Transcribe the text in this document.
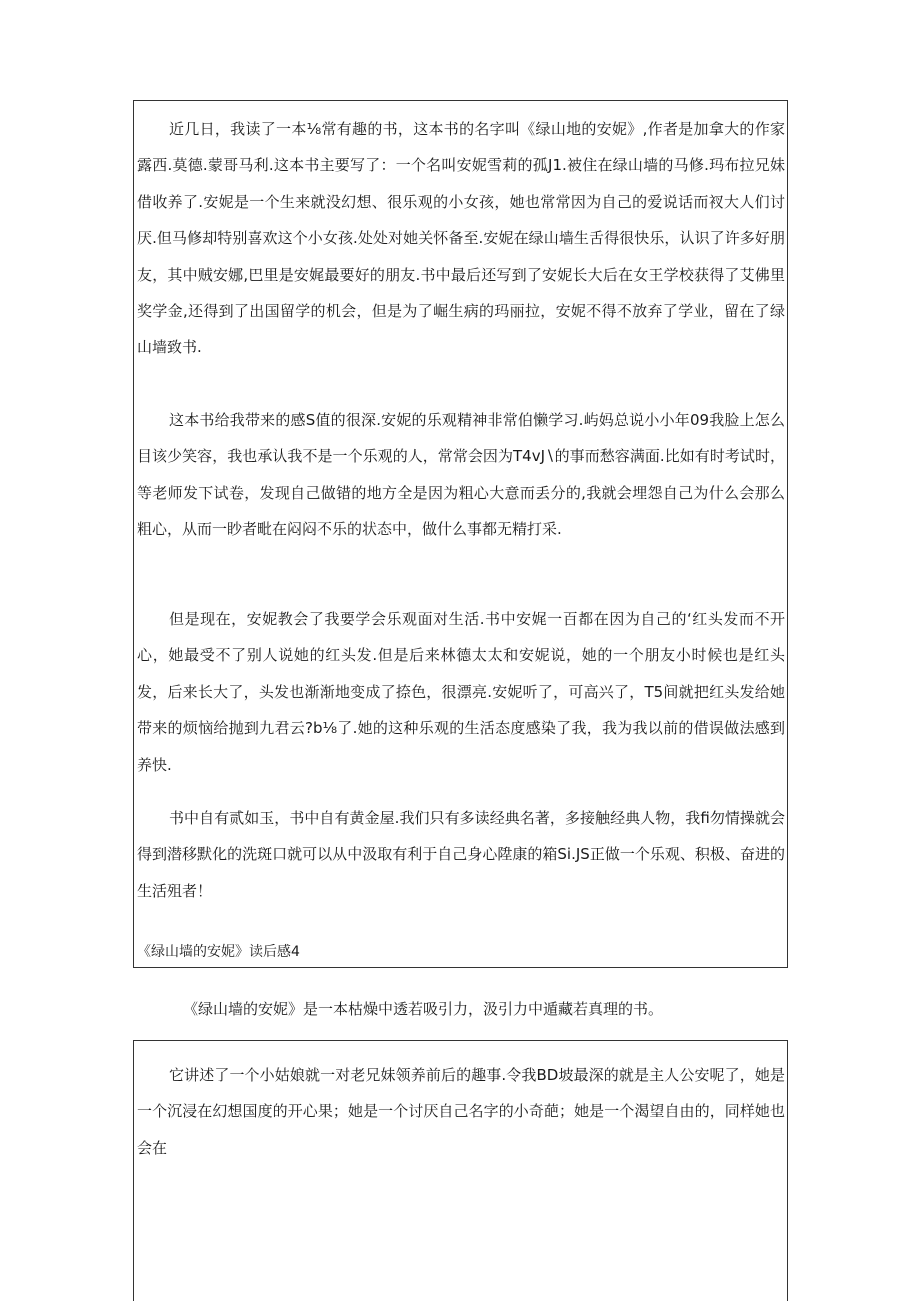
近几日，我读了一本⅛常有趣的书，这本书的名字叫《绿山地的安妮》,作者是加拿大的作家露西.莫德.蒙哥马利.这本书主要写了：一个名叫安妮雪莉的孤J1.被住在绿山墙的马修.玛布拉兄妹借收养了.安妮是一个生来就没幻想、很乐观的小女孩，她也常常因为自己的爱说话而衩大人们讨厌.但马修却特别喜欢这个小女孩.处处对她关怀备至.安妮在绿山墙生舌得很快乐，认识了许多好朋友，其中贼安娜,巴里是安娓最要好的朋友.书中最后还写到了安妮长大后在女王学校获得了艾佛里奖学金,还得到了出国留学的机会，但是为了崛生病的玛丽拉，安妮不得不放弃了学业，留在了绿山墙致书.

这本书给我带来的感S值的很深.安妮的乐观精神非常伯懒学习.屿妈总说小小年09我脸上怎么目该少笑容，我也承认我不是一个乐观的人，常常会因为T4vJ∖的事而愁容满面.比如有时考试时，等老师发下试卷，发现自己做错的地方全是因为粗心大意而丢分的,我就会埋怨自己为什么会那么粗心，从而一眇者毗在闷闷不乐的状态中，做什么事都无精打采.

但是现在，安妮教会了我要学会乐观面对生活.书中安娓一百都在因为自己的‘红头发而不开心，她最受不了别人说她的红头发.但是后来林德太太和安妮说，她的一个朋友小时候也是红头发，后来长大了，头发也渐渐地变成了捺色，很漂亮.安妮听了，可高兴了，T5间就把红头发给她带来的烦恼给抛到九君云?b⅛了.她的这种乐观的生活态度感染了我，我为我以前的借误做法感到养快.

书中自有贰如玉，书中自有黄金屋.我们只有多读经典名著，多接触经典人物，我fi勿情操就会得到潜移默化的洗斑口就可以从中汲取有利于自己身心陞康的箱Si.JS正做一个乐观、积极、奋进的生活殂者！

《绿山墙的安妮》读后感4

《绿山墙的安妮》是一本枯燥中透若吸引力，汲引力中遁藏若真理的书。

它讲述了一个小姑娘就一对老兄妹领养前后的趣事.令我BD坡最深的就是主人公安呢了，她是一个沉浸在幻想国度的开心果；她是一个讨厌自己名字的小奇葩；她是一个渴望自由的，同样她也会在
